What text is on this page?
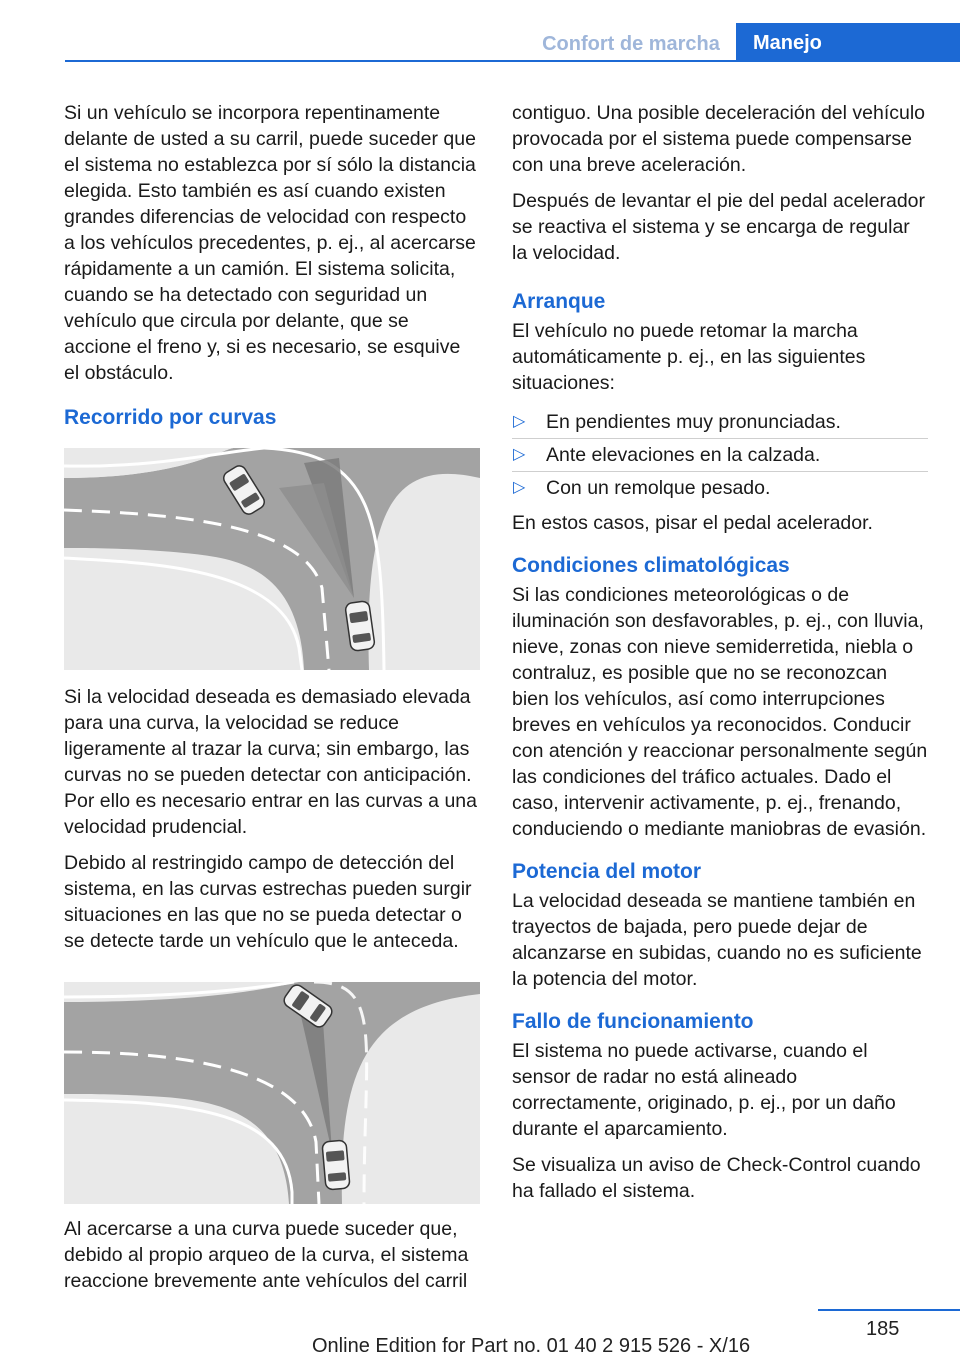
Confort de marcha	Manejo

Si un vehículo se incorpora repentinamente delante de usted a su carril, puede suceder que el sistema no establezca por sí sólo la distancia elegida. Esto también es así cuando existen grandes diferencias de velocidad con respecto a los vehículos precedentes, p. ej., al acercarse rápidamente a un camión. El sistema solicita, cuando se ha detectado con seguridad un vehículo que circula por delante, que se accione el freno y, si es necesario, se esquive el obstáculo.

Recorrido por curvas

Si la velocidad deseada es demasiado elevada para una curva, la velocidad se reduce ligeramente al trazar la curva; sin embargo, las curvas no se pueden detectar con anticipación. Por ello es necesario entrar en las curvas a una velocidad prudencial.

Debido al restringido campo de detección del sistema, en las curvas estrechas pueden surgir situaciones en las que no se pueda detectar o se detecte tarde un vehículo que le anteceda.

Al acercarse a una curva puede suceder que, debido al propio arqueo de la curva, el sistema reaccione brevemente ante vehículos del carril

contiguo. Una posible deceleración del vehículo provocada por el sistema puede compensarse con una breve aceleración.

Después de levantar el pie del pedal acelerador se reactiva el sistema y se encarga de regular la velocidad.

Arranque

El vehículo no puede retomar la marcha automáticamente p. ej., en las siguientes situaciones:

▷ En pendientes muy pronunciadas.
▷ Ante elevaciones en la calzada.
▷ Con un remolque pesado.

En estos casos, pisar el pedal acelerador.

Condiciones climatológicas

Si las condiciones meteorológicas o de iluminación son desfavorables, p. ej., con lluvia, nieve, zonas con nieve semiderretida, niebla o contraluz, es posible que no se reconozcan bien los vehículos, así como interrupciones breves en vehículos ya reconocidos. Conducir con atención y reaccionar personalmente según las condiciones del tráfico actuales. Dado el caso, intervenir activamente, p. ej., frenando, conduciendo o mediante maniobras de evasión.

Potencia del motor

La velocidad deseada se mantiene también en trayectos de bajada, pero puede dejar de alcanzarse en subidas, cuando no es suficiente la potencia del motor.

Fallo de funcionamiento

El sistema no puede activarse, cuando el sensor de radar no está alineado correctamente, originado, p. ej., por un daño durante el aparcamiento.

Se visualiza un aviso de Check-Control cuando ha fallado el sistema.

185
Online Edition for Part no. 01 40 2 915 526 - X/16
